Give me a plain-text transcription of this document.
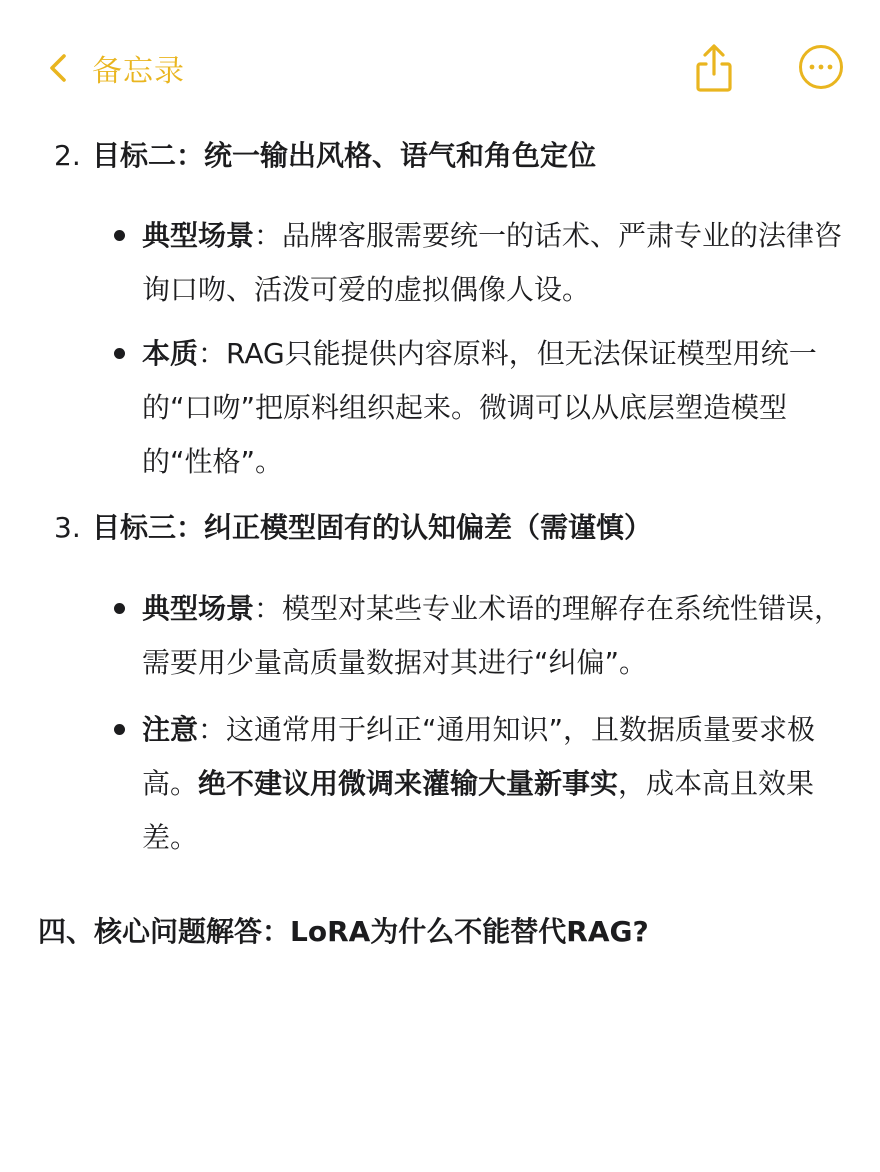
备忘录
2. 目标二：统一输出风格、语气和角色定位
典型场景：品牌客服需要统一的话术、严肃专业的法律咨询口吻、活泼可爱的虚拟偶像人设。
本质：RAG只能提供内容原料，但无法保证模型用统一的“口吻”把原料组织起来。微调可以从底层塑造模型的“性格”。
3. 目标三：纠正模型固有的认知偏差（需谨慎）
典型场景：模型对某些专业术语的理解存在系统性错误，需要用少量高质量数据对其进行“纠偏”。
注意：这通常用于纠正“通用知识”，且数据质量要求极高。绝不建议用微调来灌输大量新事实，成本高且效果差。
四、核心问题解答：LoRA为什么不能替代RAG?
